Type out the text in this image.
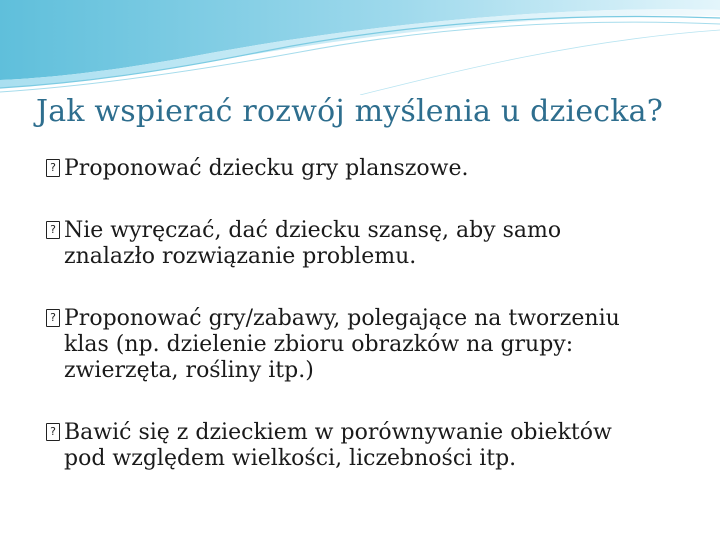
Jak wspierać rozwój myślenia u dziecka?
? Proponować dziecku gry planszowe.
? Nie wyręczać, dać dziecku szansę, aby samo
znalazło rozwiązanie problemu.
? Proponować gry/zabawy, polegające na tworzeniu
klas (np. dzielenie zbioru obrazków na grupy:
zwierzęta, rośliny itp.)
? Bawić się z dzieckiem w porównywanie obiektów
pod względem wielkości, liczebności itp.
